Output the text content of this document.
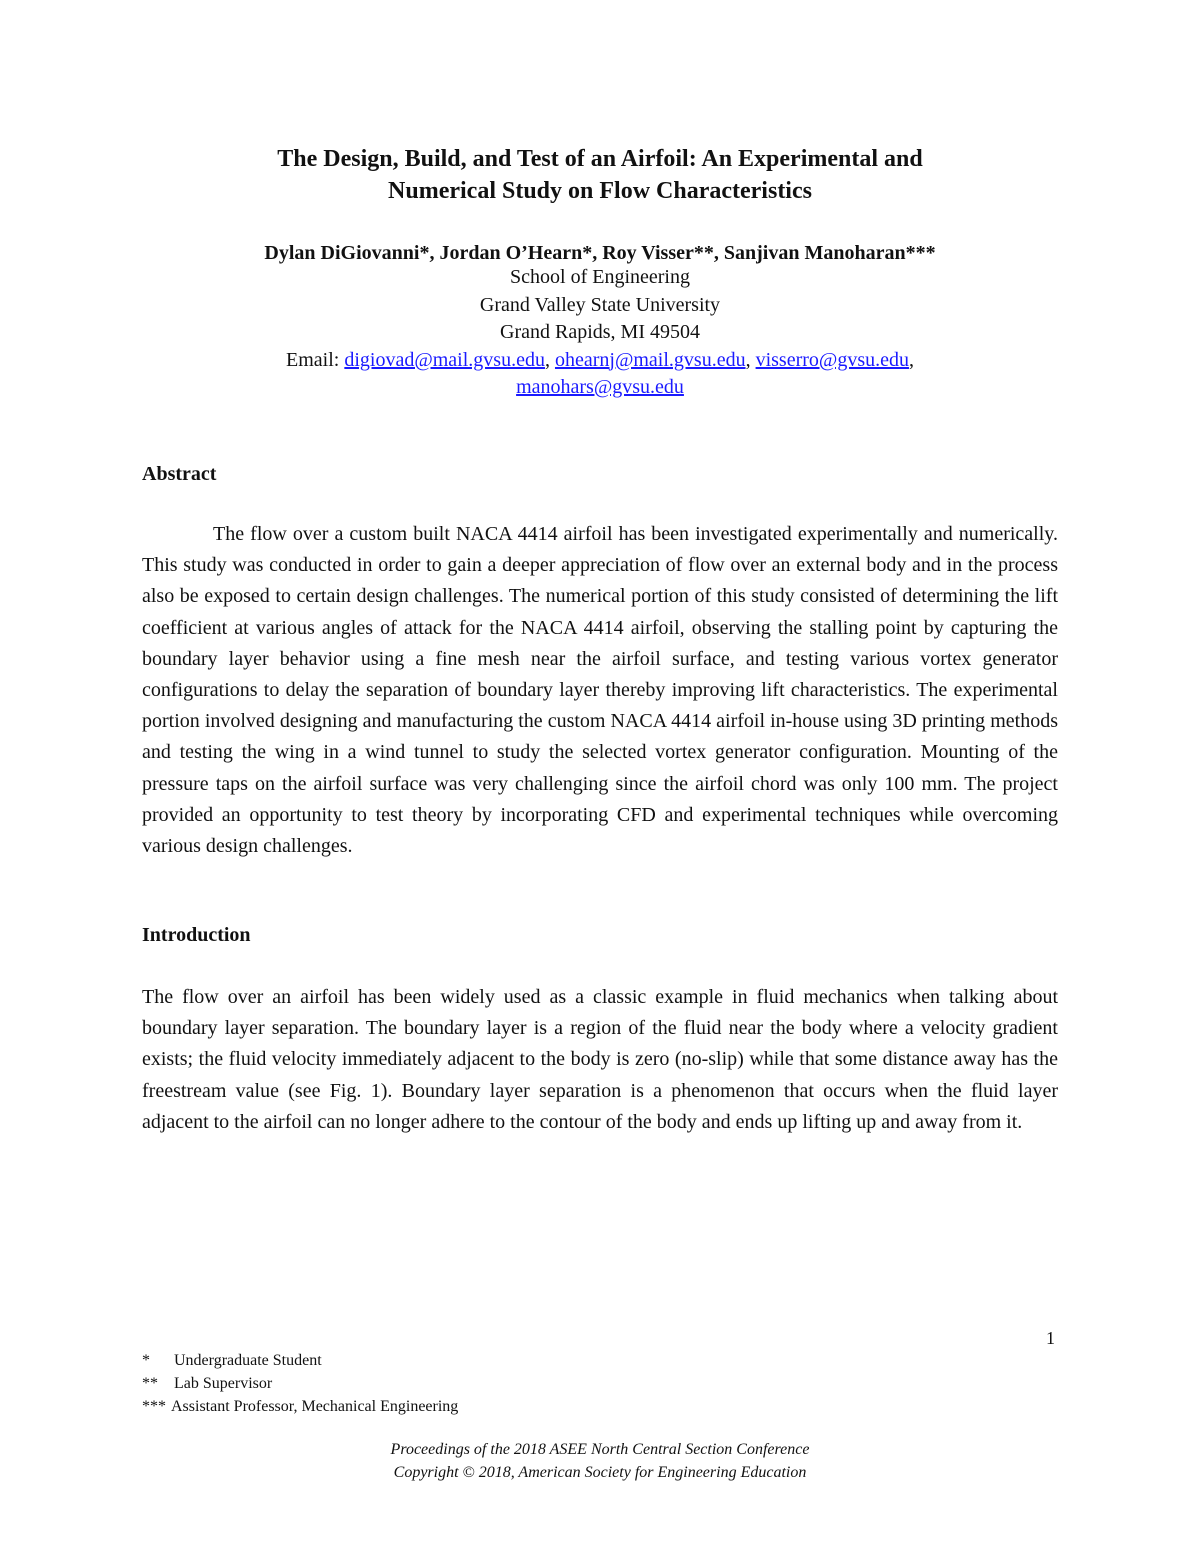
The Design, Build, and Test of an Airfoil: An Experimental and
Numerical Study on Flow Characteristics
Dylan DiGiovanni*, Jordan O’Hearn*, Roy Visser**, Sanjivan Manoharan***
School of Engineering
Grand Valley State University
Grand Rapids, MI 49504
Email: digiovad@mail.gvsu.edu, ohearnj@mail.gvsu.edu, visserro@gvsu.edu,
manohars@gvsu.edu
Abstract
The flow over a custom built NACA 4414 airfoil has been investigated experimentally and numerically. This study was conducted in order to gain a deeper appreciation of flow over an external body and in the process also be exposed to certain design challenges. The numerical portion of this study consisted of determining the lift coefficient at various angles of attack for the NACA 4414 airfoil, observing the stalling point by capturing the boundary layer behavior using a fine mesh near the airfoil surface, and testing various vortex generator configurations to delay the separation of boundary layer thereby improving lift characteristics. The experimental portion involved designing and manufacturing the custom NACA 4414 airfoil in-house using 3D printing methods and testing the wing in a wind tunnel to study the selected vortex generator configuration. Mounting of the pressure taps on the airfoil surface was very challenging since the airfoil chord was only 100 mm. The project provided an opportunity to test theory by incorporating CFD and experimental techniques while overcoming various design challenges.
Introduction
The flow over an airfoil has been widely used as a classic example in fluid mechanics when talking about boundary layer separation. The boundary layer is a region of the fluid near the body where a velocity gradient exists; the fluid velocity immediately adjacent to the body is zero (no-slip) while that some distance away has the freestream value (see Fig. 1). Boundary layer separation is a phenomenon that occurs when the fluid layer adjacent to the airfoil can no longer adhere to the contour of the body and ends up lifting up and away from it.
1
*	Undergraduate Student
**	Lab Supervisor
*** Assistant Professor, Mechanical Engineering
Proceedings of the 2018 ASEE North Central Section Conference
Copyright © 2018, American Society for Engineering Education
